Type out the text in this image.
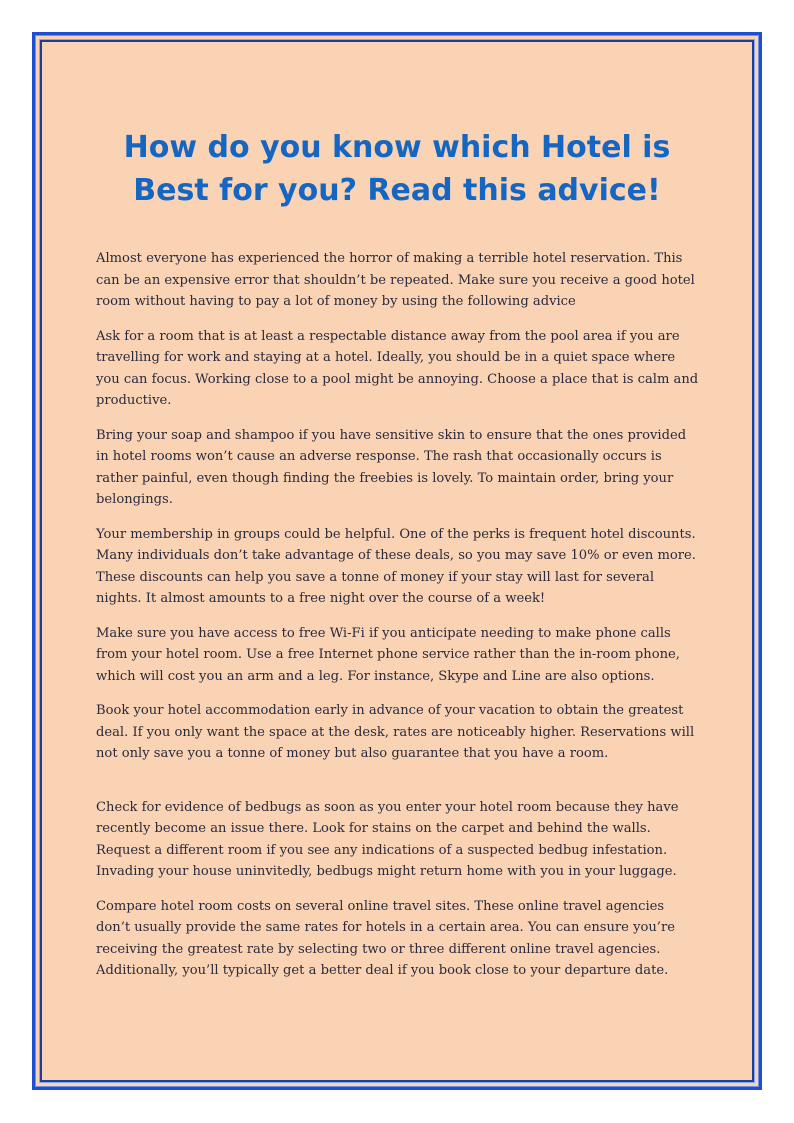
How do you know which Hotel is Best for you? Read this advice!

Almost everyone has experienced the horror of making a terrible hotel reservation. This can be an expensive error that shouldn’t be repeated. Make sure you receive a good hotel room without having to pay a lot of money by using the following advice

Ask for a room that is at least a respectable distance away from the pool area if you are travelling for work and staying at a hotel. Ideally, you should be in a quiet space where you can focus. Working close to a pool might be annoying. Choose a place that is calm and productive.

Bring your soap and shampoo if you have sensitive skin to ensure that the ones provided in hotel rooms won’t cause an adverse response. The rash that occasionally occurs is rather painful, even though finding the freebies is lovely. To maintain order, bring your belongings.

Your membership in groups could be helpful. One of the perks is frequent hotel discounts. Many individuals don’t take advantage of these deals, so you may save 10% or even more. These discounts can help you save a tonne of money if your stay will last for several nights. It almost amounts to a free night over the course of a week!

Make sure you have access to free Wi-Fi if you anticipate needing to make phone calls from your hotel room. Use a free Internet phone service rather than the in-room phone, which will cost you an arm and a leg. For instance, Skype and Line are also options.

Book your hotel accommodation early in advance of your vacation to obtain the greatest deal. If you only want the space at the desk, rates are noticeably higher. Reservations will not only save you a tonne of money but also guarantee that you have a room.

Check for evidence of bedbugs as soon as you enter your hotel room because they have recently become an issue there. Look for stains on the carpet and behind the walls. Request a different room if you see any indications of a suspected bedbug infestation. Invading your house uninvitedly, bedbugs might return home with you in your luggage.

Compare hotel room costs on several online travel sites. These online travel agencies don’t usually provide the same rates for hotels in a certain area. You can ensure you’re receiving the greatest rate by selecting two or three different online travel agencies. Additionally, you’ll typically get a better deal if you book close to your departure date.
